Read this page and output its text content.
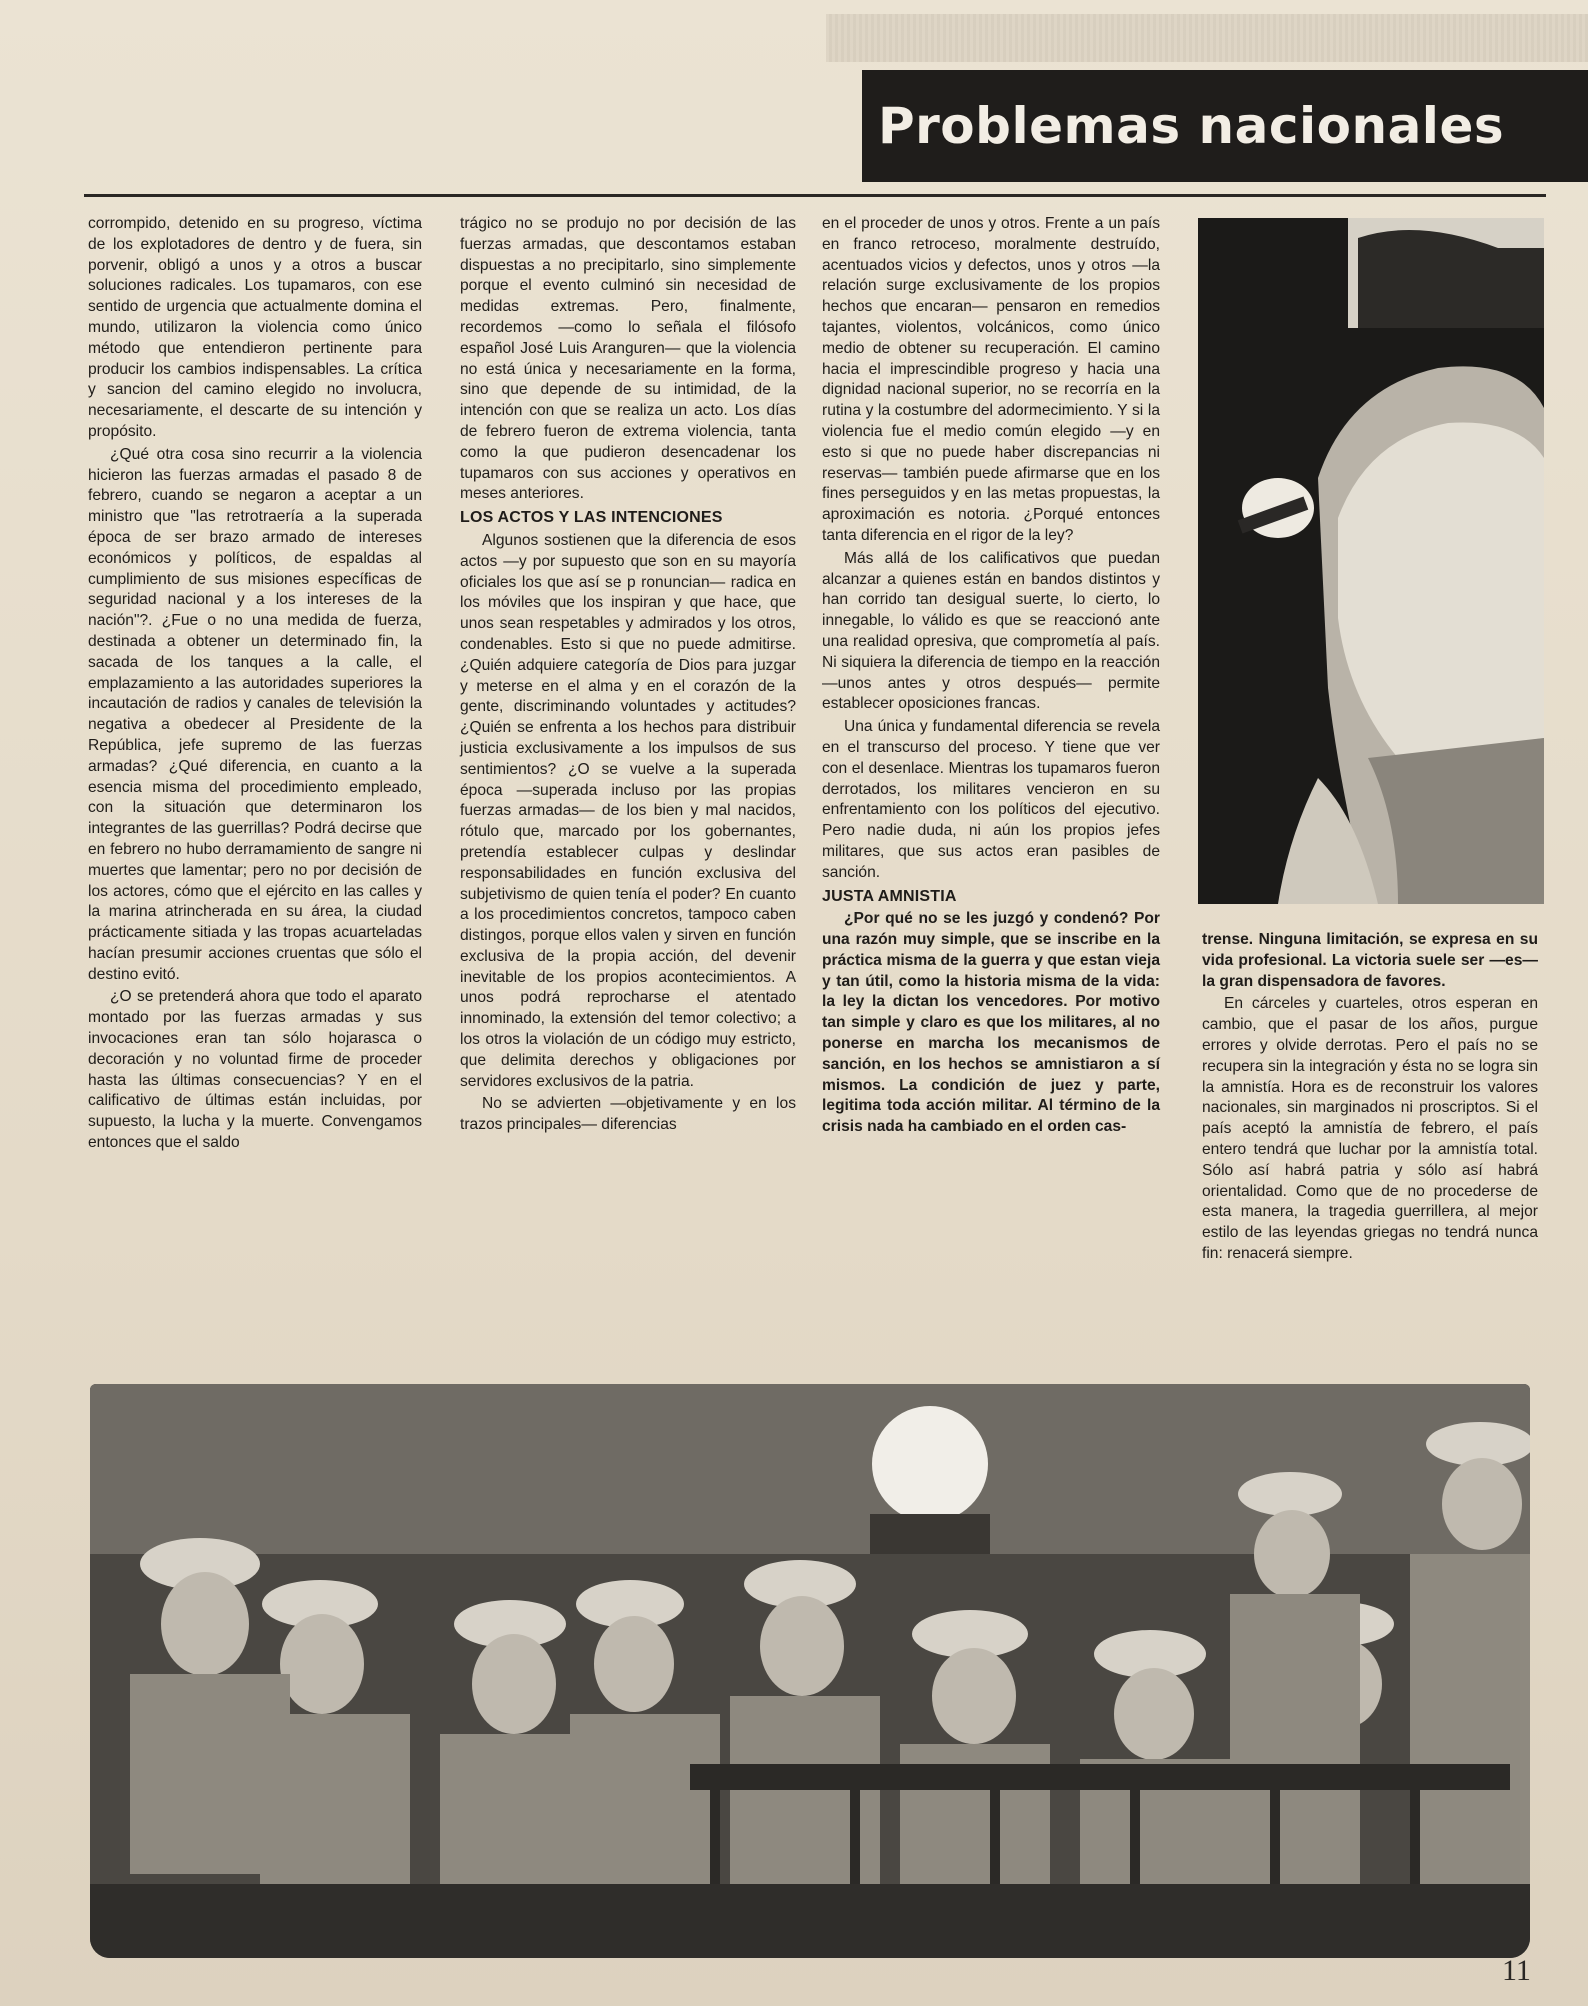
Problemas nacionales

corrompido, detenido en su progreso, víctima de los explotadores de dentro y de fuera, sin porvenir, obligó a unos y a otros a buscar soluciones radicales. Los tupamaros, con ese sentido de urgencia que actualmente domina el mundo, utilizaron la violencia como único método que entendieron pertinente para producir los cambios indispensables. La crítica y sancion del camino elegido no involucra, necesariamente, el descarte de su intención y propósito.

¿Qué otra cosa sino recurrir a la violencia hicieron las fuerzas armadas el pasado 8 de febrero, cuando se negaron a aceptar a un ministro que "las retrotraería a la superada época de ser brazo armado de intereses económicos y políticos, de espaldas al cumplimiento de sus misiones específicas de seguridad nacional y a los intereses de la nación"?. ¿Fue o no una medida de fuerza, destinada a obtener un determinado fin, la sacada de los tanques a la calle, el emplazamiento a las autoridades superiores la incautación de radios y canales de televisión la negativa a obedecer al Presidente de la República, jefe supremo de las fuerzas armadas? ¿Qué diferencia, en cuanto a la esencia misma del procedimiento empleado, con la situación que determinaron los integrantes de las guerrillas? Podrá decirse que en febrero no hubo derramamiento de sangre ni muertes que lamentar; pero no por decisión de los actores, cómo que el ejército en las calles y la marina atrincherada en su área, la ciudad prácticamente sitiada y las tropas acuarteladas hacían presumir acciones cruentas que sólo el destino evitó.

¿O se pretenderá ahora que todo el aparato montado por las fuerzas armadas y sus invocaciones eran tan sólo hojarasca o decoración y no voluntad firme de proceder hasta las últimas consecuencias? Y en el calificativo de últimas están incluidas, por supuesto, la lucha y la muerte. Convengamos entonces que el saldo

trágico no se produjo no por decisión de las fuerzas armadas, que descontamos estaban dispuestas a no precipitarlo, sino simplemente porque el evento culminó sin necesidad de medidas extremas. Pero, finalmente, recordemos —como lo señala el filósofo español José Luis Aranguren— que la violencia no está única y necesariamente en la forma, sino que depende de su intimidad, de la intención con que se realiza un acto. Los días de febrero fueron de extrema violencia, tanta como la que pudieron desencadenar los tupamaros con sus acciones y operativos en meses anteriores.

LOS ACTOS Y LAS INTENCIONES

Algunos sostienen que la diferencia de esos actos —y por supuesto que son en su mayoría oficiales los que así se p ronuncian— radica en los móviles que los inspiran y que hace, que unos sean respetables y admirados y los otros, condenables. Esto si que no puede admitirse. ¿Quién adquiere categoría de Dios para juzgar y meterse en el alma y en el corazón de la gente, discriminando voluntades y actitudes? ¿Quién se enfrenta a los hechos para distribuir justicia exclusivamente a los impulsos de sus sentimientos? ¿O se vuelve a la superada época —superada incluso por las propias fuerzas armadas— de los bien y mal nacidos, rótulo que, marcado por los gobernantes, pretendía establecer culpas y deslindar responsabilidades en función exclusiva del subjetivismo de quien tenía el poder? En cuanto a los procedimientos concretos, tampoco caben distingos, porque ellos valen y sirven en función exclusiva de la propia acción, del devenir inevitable de los propios acontecimientos. A unos podrá reprocharse el atentado innominado, la extensión del temor colectivo; a los otros la violación de un código muy estricto, que delimita derechos y obligaciones por servidores exclusivos de la patria.

No se advierten —objetivamente y en los trazos principales— diferencias

en el proceder de unos y otros. Frente a un país en franco retroceso, moralmente destruído, acentuados vicios y defectos, unos y otros —la relación surge exclusivamente de los propios hechos que encaran— pensaron en remedios tajantes, violentos, volcánicos, como único medio de obtener su recuperación. El camino hacia el imprescindible progreso y hacia una dignidad nacional superior, no se recorría en la rutina y la costumbre del adormecimiento. Y si la violencia fue el medio común elegido —y en esto si que no puede haber discrepancias ni reservas— también puede afirmarse que en los fines perseguidos y en las metas propuestas, la aproximación es notoria. ¿Porqué entonces tanta diferencia en el rigor de la ley?

Más allá de los calificativos que puedan alcanzar a quienes están en bandos distintos y han corrido tan desigual suerte, lo cierto, lo innegable, lo válido es que se reaccionó ante una realidad opresiva, que comprometía al país. Ni siquiera la diferencia de tiempo en la reacción —unos antes y otros después— permite establecer oposiciones francas.

Una única y fundamental diferencia se revela en el transcurso del proceso. Y tiene que ver con el desenlace. Mientras los tupamaros fueron derrotados, los militares vencieron en su enfrentamiento con los políticos del ejecutivo. Pero nadie duda, ni aún los propios jefes militares, que sus actos eran pasibles de sanción.

JUSTA AMNISTIA

¿Por qué no se les juzgó y condenó? Por una razón muy simple, que se inscribe en la práctica misma de la guerra y que estan vieja y tan útil, como la historia misma de la vida: la ley la dictan los vencedores. Por motivo tan simple y claro es que los militares, al no ponerse en marcha los mecanismos de sanción, en los hechos se amnistiaron a sí mismos. La condición de juez y parte, legitima toda acción militar. Al término de la crisis nada ha cambiado en el orden cas-

trense. Ninguna limitación, se expresa en su vida profesional. La victoria suele ser —es— la gran dispensadora de favores.

En cárceles y cuarteles, otros esperan en cambio, que el pasar de los años, purgue errores y olvide derrotas. Pero el país no se recupera sin la integración y ésta no se logra sin la amnistía. Hora es de reconstruir los valores nacionales, sin marginados ni proscriptos. Si el país aceptó la amnistía de febrero, el país entero tendrá que luchar por la amnistía total. Sólo así habrá patria y sólo así habrá orientalidad. Como que de no procederse de esta manera, la tragedia guerrillera, al mejor estilo de las leyendas griegas no tendrá nunca fin: renacerá siempre.

11
